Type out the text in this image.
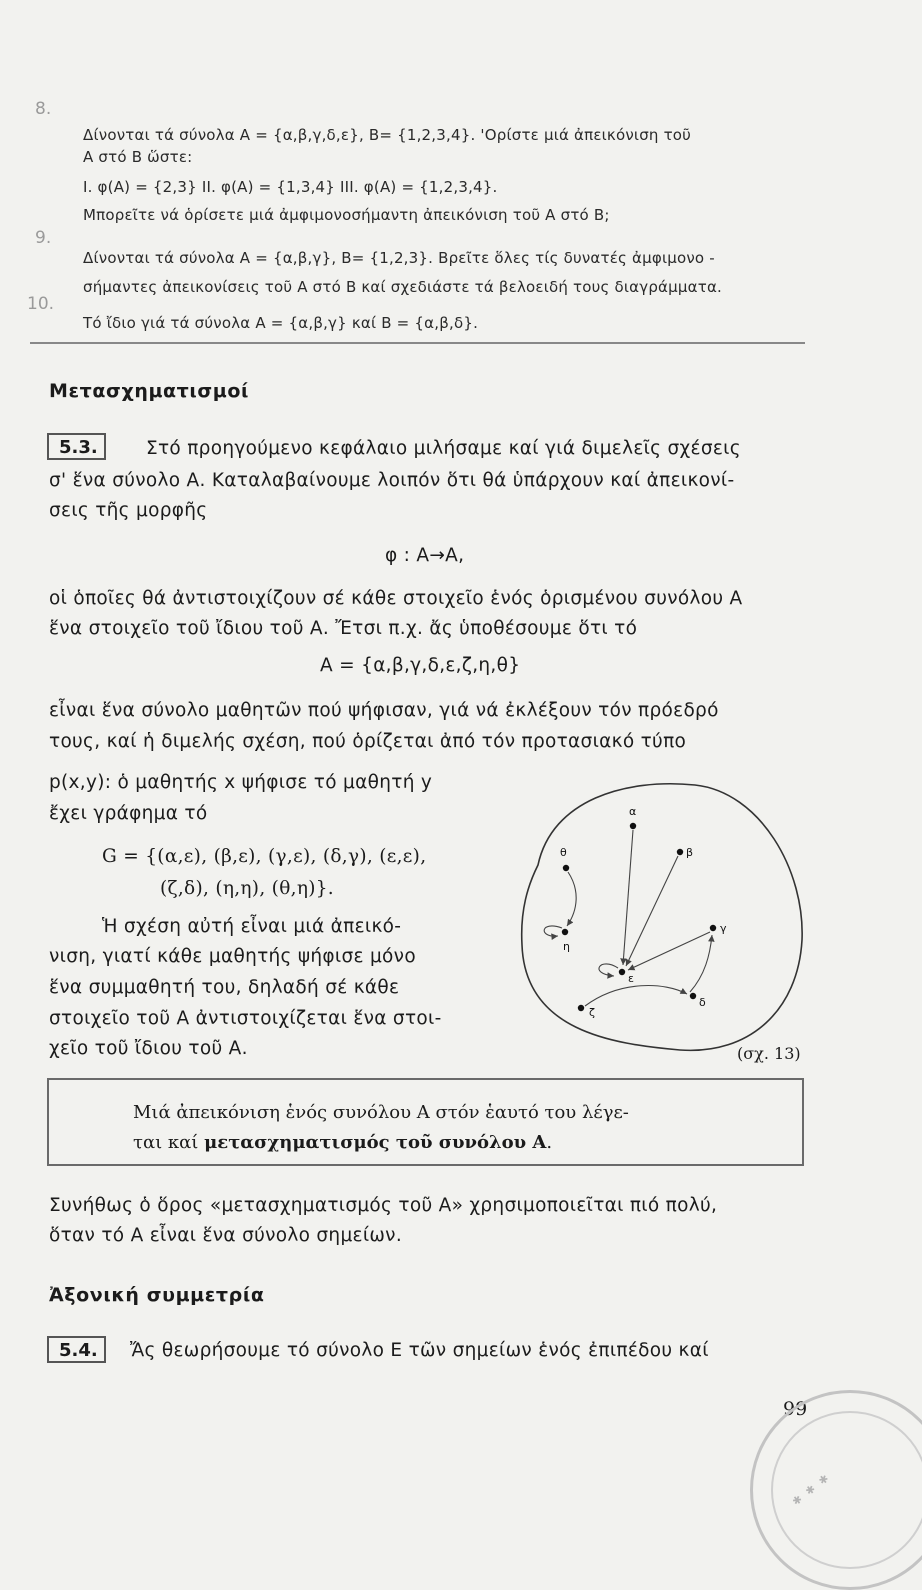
8.
Δίνονται τά σύνολα Α = {α,β,γ,δ,ε}, Β= {1,2,3,4}. 'Ορίστε μιά ἀπεικόνιση τοῦ
Α στό Β ὥστε:
I. φ(Α) = {2,3} II. φ(Α) = {1,3,4} III. φ(Α) = {1,2,3,4}.
Μπορεῖτε νά ὁρίσετε μιά ἀμφιμονοσήμαντη ἀπεικόνιση τοῦ Α στό Β;
9.
Δίνονται τά σύνολα Α = {α,β,γ}, Β= {1,2,3}. Βρεῖτε ὅλες τίς δυνατές ἀμφιμονο -
σήμαντες ἀπεικονίσεις τοῦ Α στό Β καί σχεδιάστε τά βελοειδή τους διαγράμματα.
10.
Τό ἴδιο γιά τά σύνολα Α = {α,β,γ} καί Β = {α,β,δ}.
Μετασχηματισμοί
5.3.	Στό προηγούμενο κεφάλαιο μιλήσαμε καί γιά διμελεῖς σχέσεις
σ' ἕνα σύνολο Α. Καταλαβαίνουμε λοιπόν ὅτι θά ὑπάρχουν καί ἀπεικονί-
σεις τῆς μορφῆς
φ : Α→Α,
οἱ ὁποῖες θά ἀντιστοιχίζουν σέ κάθε στοιχεῖο ἑνός ὁρισμένου συνόλου Α
ἕνα στοιχεῖο τοῦ ἴδιου τοῦ Α. Ἔτσι π.χ. ἄς ὑποθέσουμε ὅτι τό
Α = {α,β,γ,δ,ε,ζ,η,θ}
εἶναι ἕνα σύνολο μαθητῶν πού ψήφισαν, γιά νά ἐκλέξουν τόν πρόεδρό
τους, καί ἡ διμελής σχέση, πού ὁρίζεται ἀπό τόν προτασιακό τύπο
p(x,y): ὁ μαθητής x ψήφισε τό μαθητή y
ἔχει γράφημα τό
G = {(α,ε), (β,ε), (γ,ε), (δ,γ), (ε,ε),
(ζ,δ), (η,η), (θ,η)}.
Ἡ σχέση αὐτή εἶναι μιά ἀπεικό-
νιση, γιατί κάθε μαθητής ψήφισε μόνο
ἕνα συμμαθητή του, δηλαδή σέ κάθε
στοιχεῖο τοῦ Α ἀντιστοιχίζεται ἕνα στοι-
χεῖο τοῦ ἴδιου τοῦ Α.
α
β
γ
δ
ε
ζ
η
θ
(σχ. 13)
Μιά ἀπεικόνιση ἑνός συνόλου Α στόν ἑαυτό του λέγε-
ται καί μετασχηματισμός τοῦ συνόλου Α.
Συνήθως ὁ ὅρος «μετασχηματισμός τοῦ Α» χρησιμοποιεῖται πιό πολύ,
ὅταν τό Α εἶναι ἕνα σύνολο σημείων.
Ἀξονική συμμετρία
5.4.	Ἄς θεωρήσουμε τό σύνολο Ε τῶν σημείων ἑνός ἐπιπέδου καί
99
✱ ✱ ✱
